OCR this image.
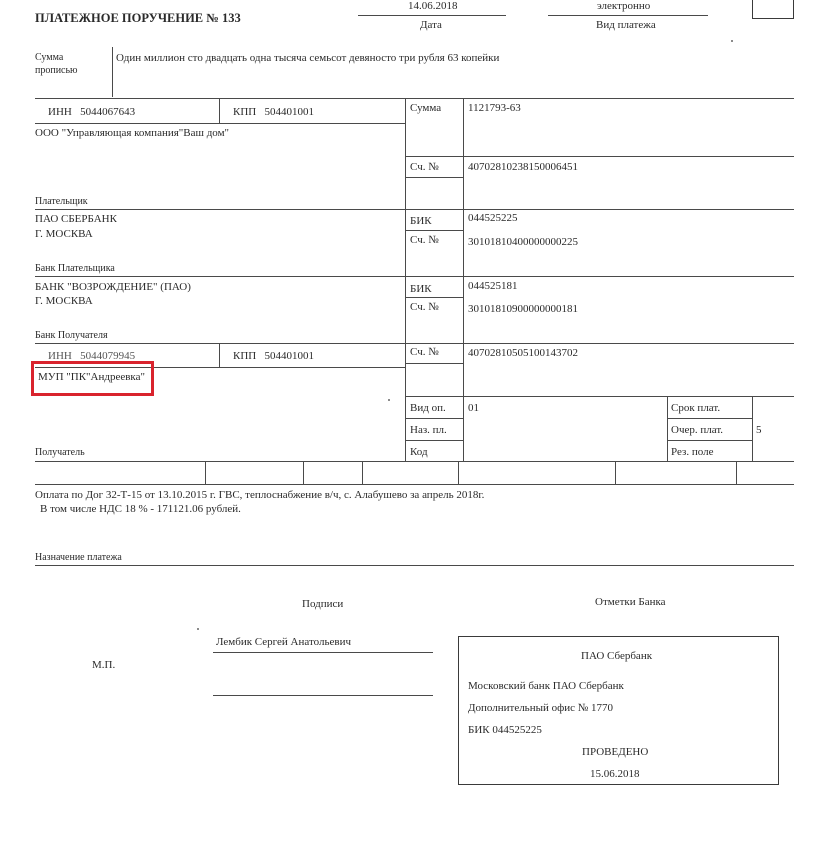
ПЛАТЕЖНОЕ ПОРУЧЕНИЕ № 133
14.06.2018
Дата
электронно
Вид платежа
Сумма
прописью
Один миллион сто двадцать одна тысяча семьсот девяносто три рубля 63 копейки
ИНН 5044067643	КПП 504401001
ООО "Управляющая компания"Ваш дом"
Сумма 1121793-63
Сч. №	40702810238150006451
Плательщик
ПАО СБЕРБАНК
Г. МОСКВА
БИК	044525225
Сч. №	30101810400000000225
Банк Плательщика
БАНК "ВОЗРОЖДЕНИЕ" (ПАО)
Г. МОСКВА
БИК	044525181
Сч. №	30101810900000000181
Банк Получателя
ИНН 5044079945	КПП 504401001	Сч. №	40702810505100143702
МУП "ПК"Андреевка"
Вид оп. 01
Наз. пл.
Код
Срок плат.
Очер. плат.	5
Рез. поле
Получатель
Оплата по Дог 32-Т-15 от 13.10.2015 г. ГВС, теплоснабжение в/ч, с. Алабушево за апрель 2018г.
В том числе НДС 18 % - 171121.06 рублей.
Назначение платежа
Подписи	Отметки Банка
Лембик Сергей Анатольевич
М.П.
ПАО Сбербанк
Московский банк ПАО Сбербанк
Дополнительный офис № 1770
БИК 044525225
ПРОВЕДЕНО
15.06.2018
